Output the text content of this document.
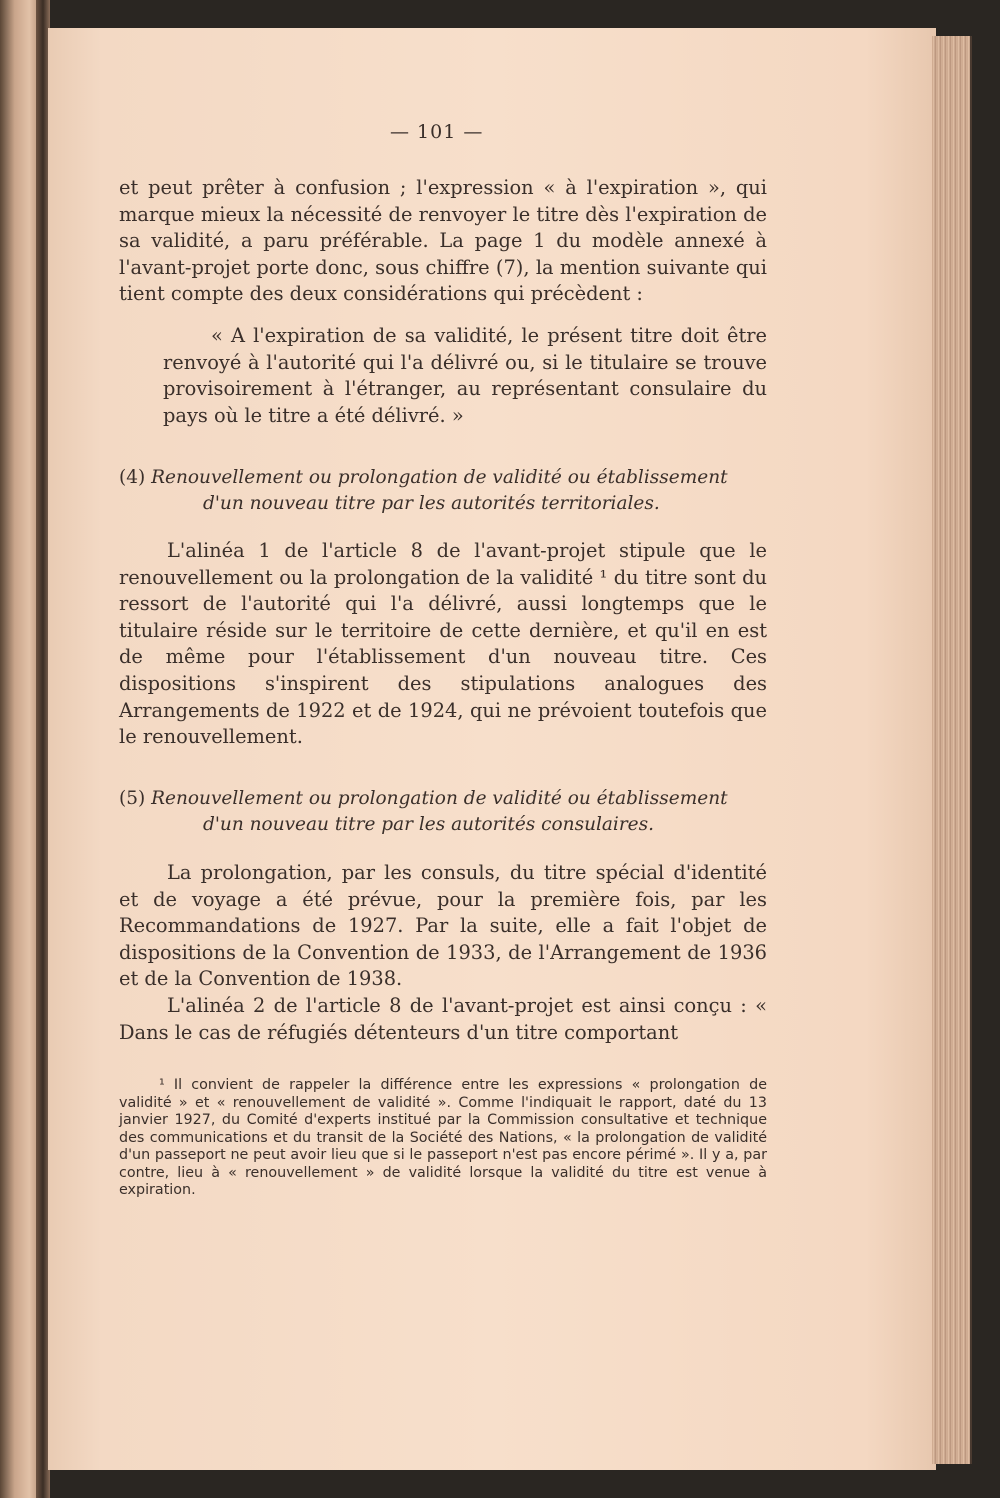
— 101 —
et peut prêter à confusion ; l'expression « à l'expiration », qui marque mieux la nécessité de renvoyer le titre dès l'expiration de sa validité, a paru préférable. La page 1 du modèle annexé à l'avant-projet porte donc, sous chiffre (7), la mention suivante qui tient compte des deux considérations qui précèdent :
« A l'expiration de sa validité, le présent titre doit être renvoyé à l'autorité qui l'a délivré ou, si le titulaire se trouve provisoirement à l'étranger, au représentant consulaire du pays où le titre a été délivré. »
(4) Renouvellement ou prolongation de validité ou établissement
d'un nouveau titre par les autorités territoriales.
L'alinéa 1 de l'article 8 de l'avant-projet stipule que le renouvellement ou la prolongation de la validité ¹ du titre sont du ressort de l'autorité qui l'a délivré, aussi longtemps que le titulaire réside sur le territoire de cette dernière, et qu'il en est de même pour l'établissement d'un nouveau titre. Ces dispositions s'inspirent des stipulations analogues des Arrangements de 1922 et de 1924, qui ne prévoient toutefois que le renouvellement.
(5) Renouvellement ou prolongation de validité ou établissement
d'un nouveau titre par les autorités consulaires.
La prolongation, par les consuls, du titre spécial d'identité et de voyage a été prévue, pour la première fois, par les Recommandations de 1927. Par la suite, elle a fait l'objet de dispositions de la Convention de 1933, de l'Arrangement de 1936 et de la Convention de 1938.
L'alinéa 2 de l'article 8 de l'avant-projet est ainsi conçu : « Dans le cas de réfugiés détenteurs d'un titre comportant
¹ Il convient de rappeler la différence entre les expressions « prolongation de validité » et « renouvellement de validité ». Comme l'indiquait le rapport, daté du 13 janvier 1927, du Comité d'experts institué par la Commission consultative et technique des communications et du transit de la Société des Nations, « la prolongation de validité d'un passeport ne peut avoir lieu que si le passeport n'est pas encore périmé ». Il y a, par contre, lieu à « renouvellement » de validité lorsque la validité du titre est venue à expiration.
